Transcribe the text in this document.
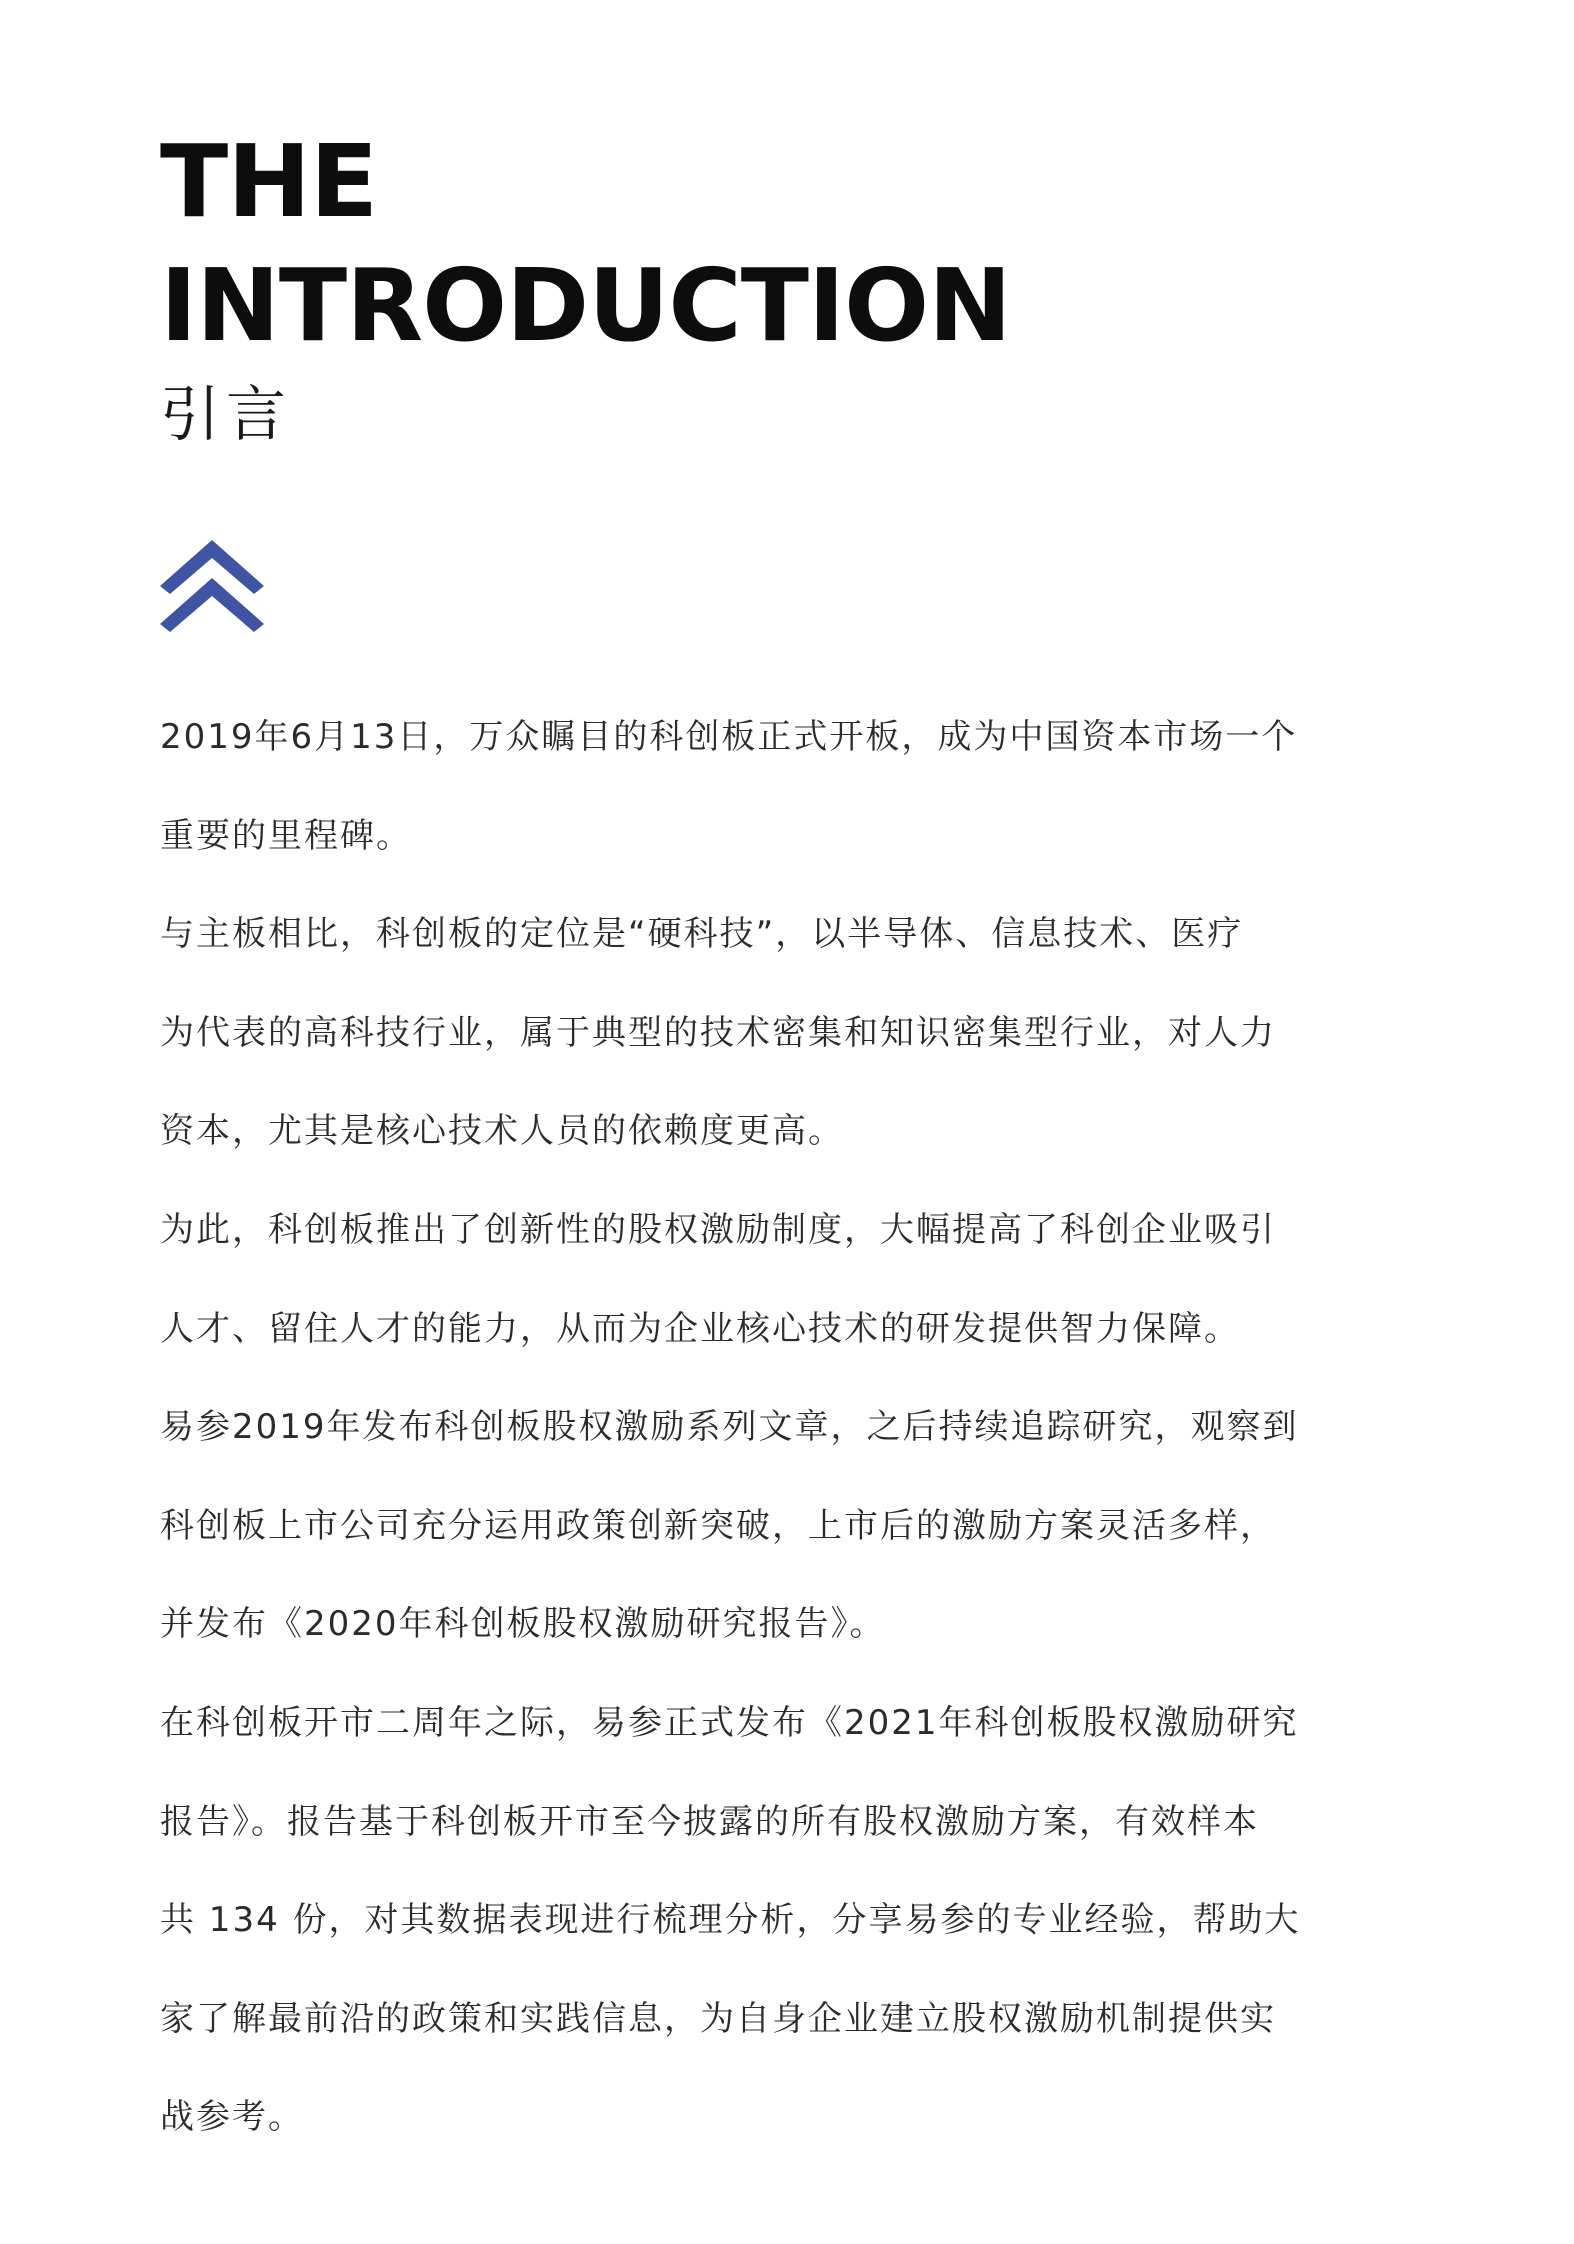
THE
INTRODUCTION
引言

2019年6月13日，万众瞩目的科创板正式开板，成为中国资本市场一个
重要的里程碑。

与主板相比，科创板的定位是“硬科技”，以半导体、信息技术、医疗
为代表的高科技行业，属于典型的技术密集和知识密集型行业，对人力
资本，尤其是核心技术人员的依赖度更高。

为此，科创板推出了创新性的股权激励制度，大幅提高了科创企业吸引
人才、留住人才的能力，从而为企业核心技术的研发提供智力保障。

易参2019年发布科创板股权激励系列文章，之后持续追踪研究，观察到
科创板上市公司充分运用政策创新突破，上市后的激励方案灵活多样，
并发布《2020年科创板股权激励研究报告》。

在科创板开市二周年之际，易参正式发布《2021年科创板股权激励研究
报告》。报告基于科创板开市至今披露的所有股权激励方案，有效样本
共 134 份，对其数据表现进行梳理分析，分享易参的专业经验，帮助大
家了解最前沿的政策和实践信息，为自身企业建立股权激励机制提供实
战参考。
